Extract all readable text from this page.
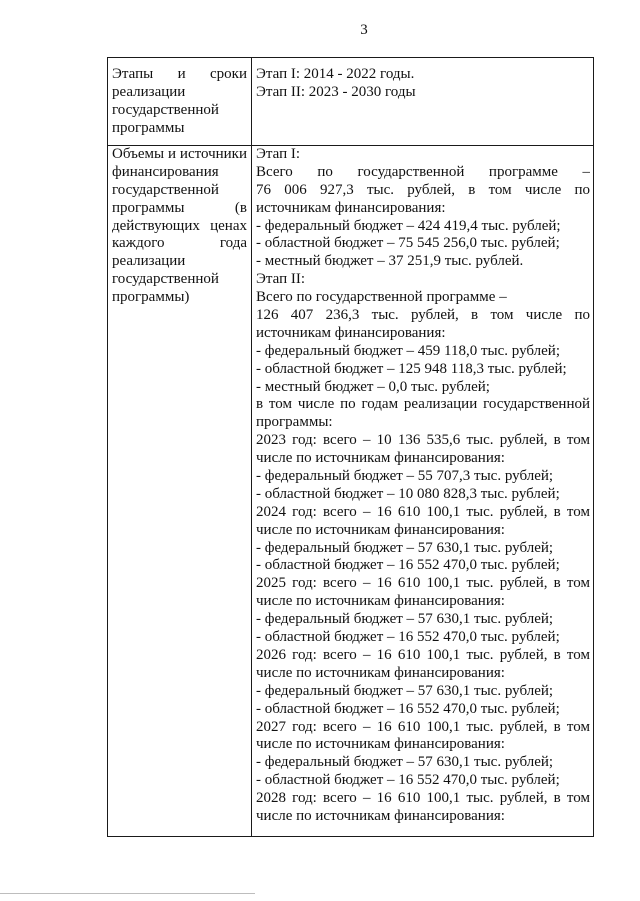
3
Этапы и сроки
реализации
государственной
программы
Этап I: 2014 - 2022 годы.
Этап II: 2023 - 2030 годы
Объемы и источники
финансирования
государственной
программы (в
действующих ценах
каждого года
реализации
государственной
программы)
Этап I:
Всего по государственной программе –
76 006 927,3 тыс. рублей, в том числе по
источникам финансирования:
- федеральный бюджет – 424 419,4 тыс. рублей;
- областной бюджет – 75 545 256,0 тыс. рублей;
- местный бюджет – 37 251,9 тыс. рублей.
Этап II:
Всего по государственной программе –
126 407 236,3 тыс. рублей, в том числе по
источникам финансирования:
- федеральный бюджет – 459 118,0 тыс. рублей;
- областной бюджет – 125 948 118,3 тыс. рублей;
- местный бюджет – 0,0 тыс. рублей;
в том числе по годам реализации государственной
программы:
2023 год: всего – 10 136 535,6 тыс. рублей, в том
числе по источникам финансирования:
- федеральный бюджет – 55 707,3 тыс. рублей;
- областной бюджет – 10 080 828,3 тыс. рублей;
2024 год: всего – 16 610 100,1 тыс. рублей, в том
числе по источникам финансирования:
- федеральный бюджет – 57 630,1 тыс. рублей;
- областной бюджет – 16 552 470,0 тыс. рублей;
2025 год: всего – 16 610 100,1 тыс. рублей, в том
числе по источникам финансирования:
- федеральный бюджет – 57 630,1 тыс. рублей;
- областной бюджет – 16 552 470,0 тыс. рублей;
2026 год: всего – 16 610 100,1 тыс. рублей, в том
числе по источникам финансирования:
- федеральный бюджет – 57 630,1 тыс. рублей;
- областной бюджет – 16 552 470,0 тыс. рублей;
2027 год: всего – 16 610 100,1 тыс. рублей, в том
числе по источникам финансирования:
- федеральный бюджет – 57 630,1 тыс. рублей;
- областной бюджет – 16 552 470,0 тыс. рублей;
2028 год: всего – 16 610 100,1 тыс. рублей, в том
числе по источникам финансирования:
